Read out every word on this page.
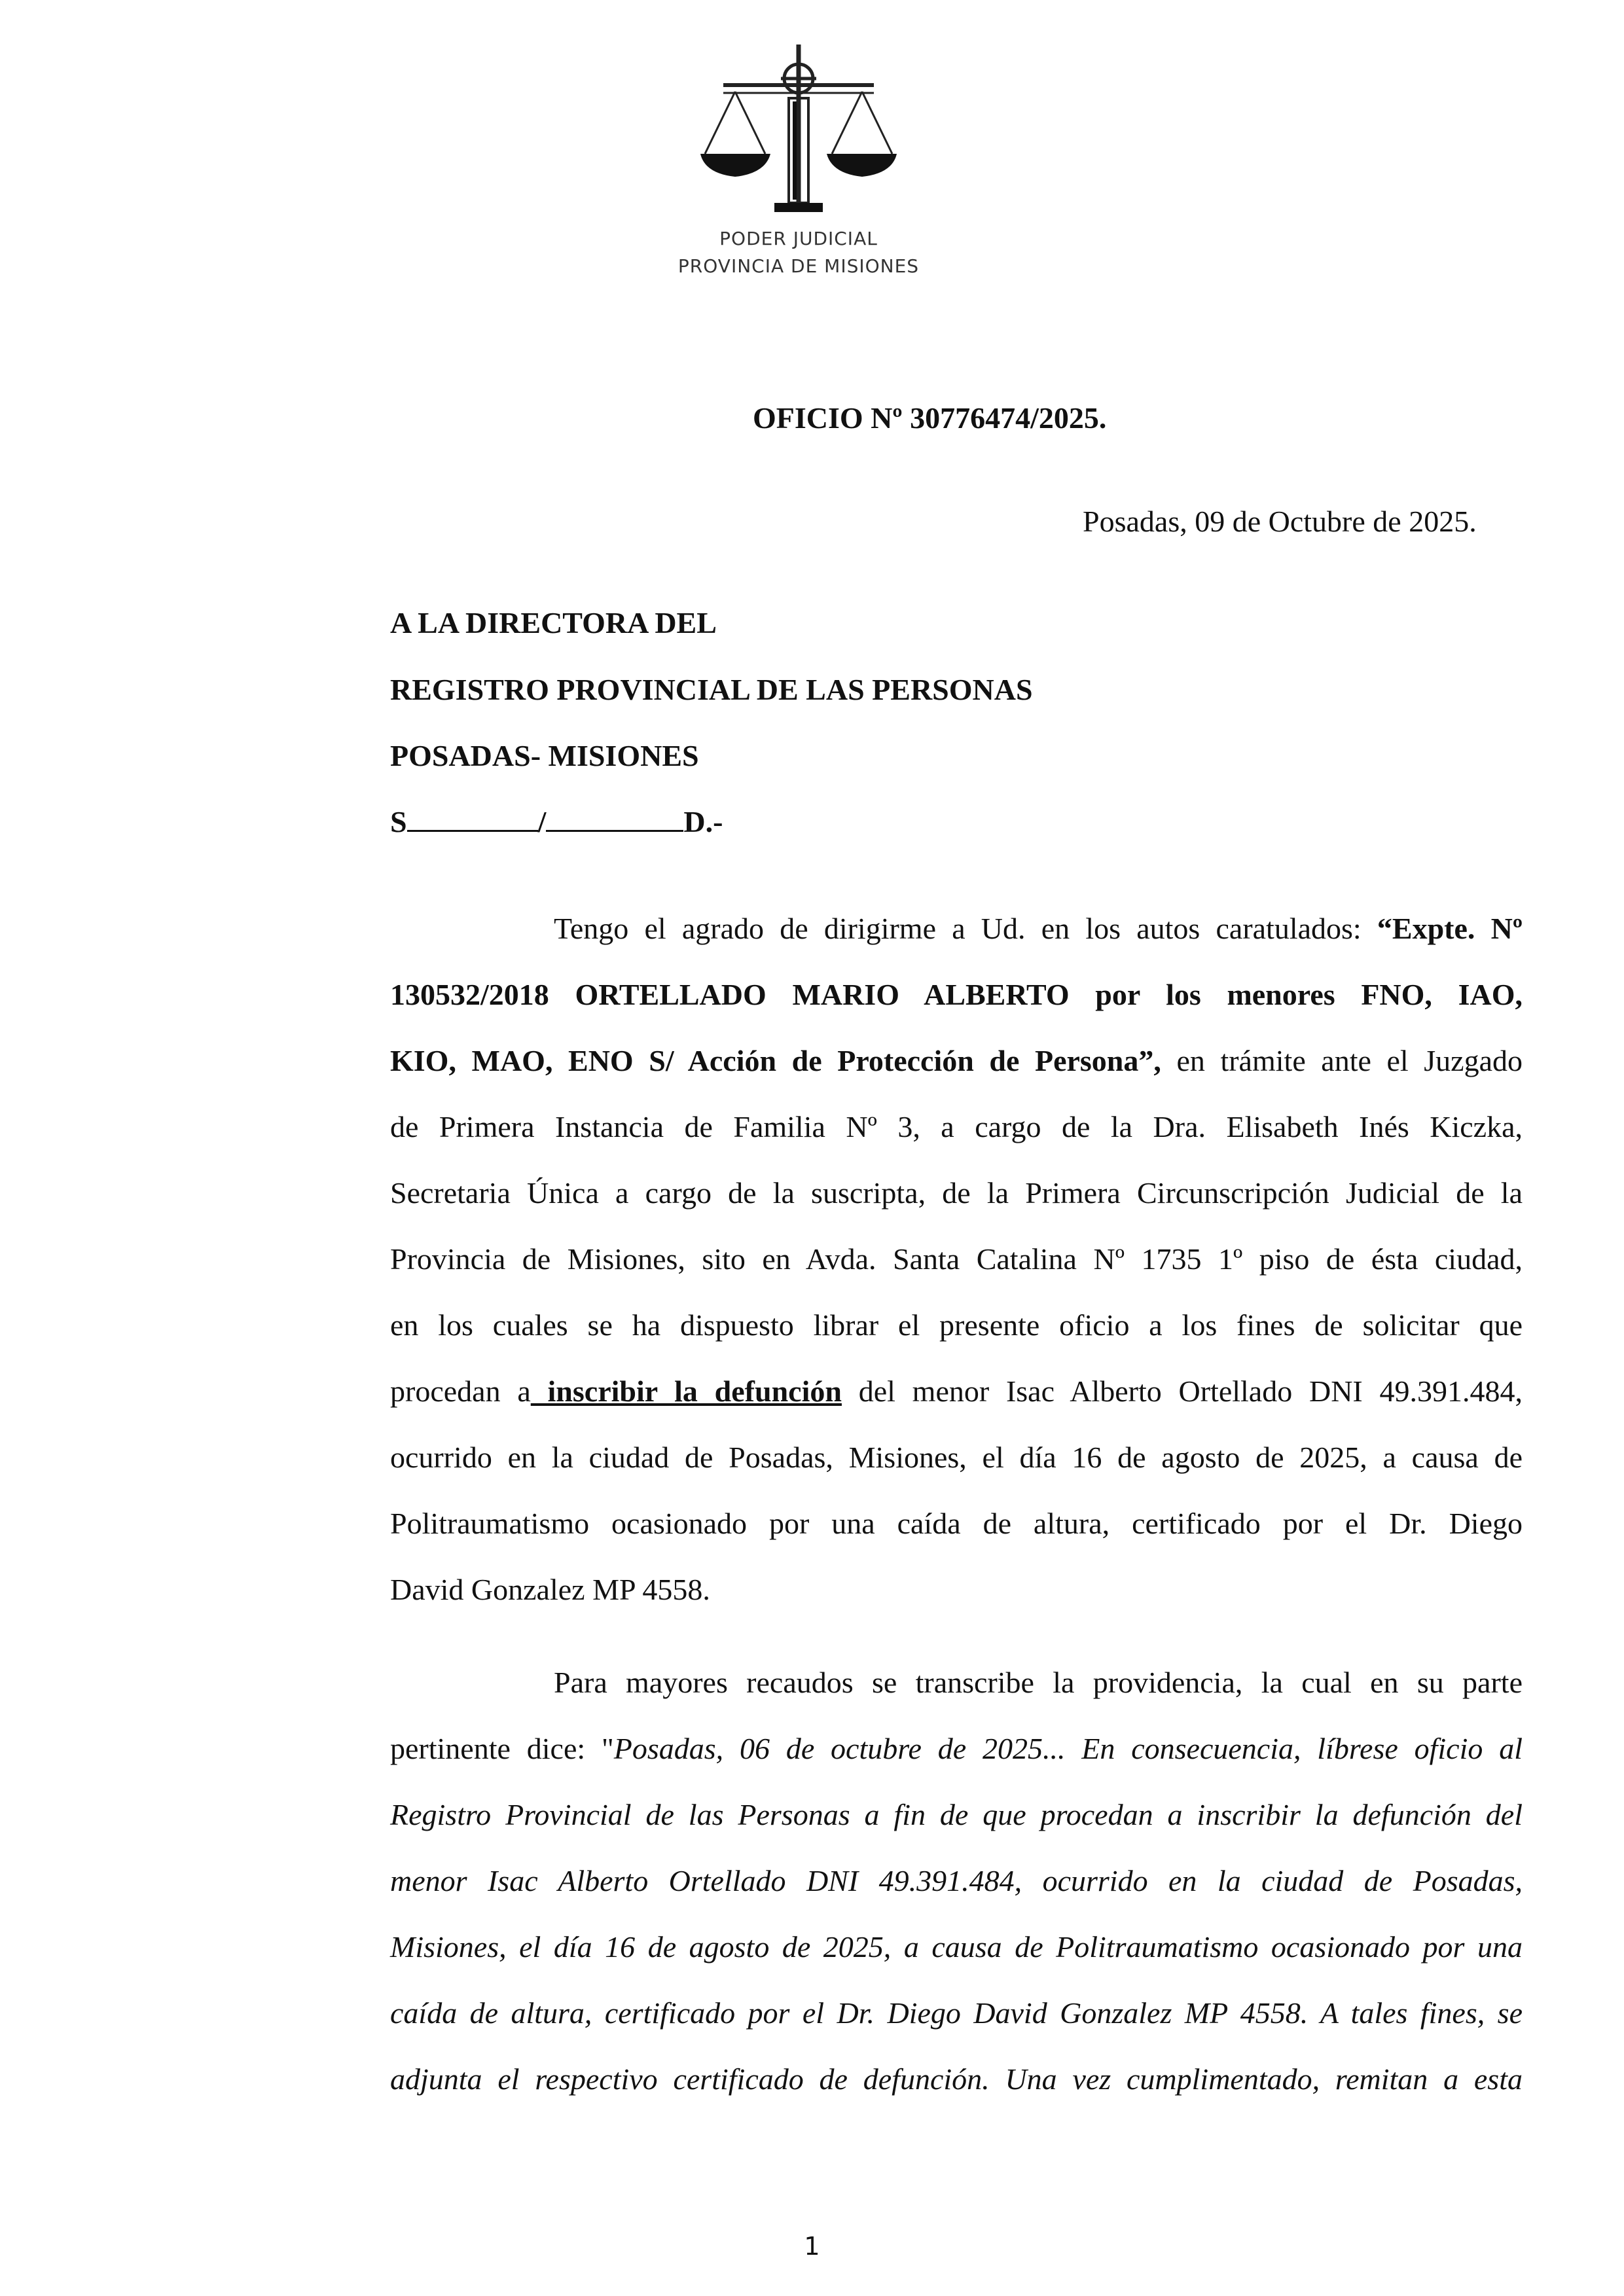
PODER JUDICIAL
PROVINCIA DE MISIONES
OFICIO Nº 30776474/2025.
Posadas, 09 de Octubre de 2025.
A LA DIRECTORA DEL
REGISTRO PROVINCIAL DE LAS PERSONAS
POSADAS- MISIONES
S	/	D.-
Tengo el agrado de dirigirme a Ud. en los autos caratulados: “Expte. Nº
130532/2018 ORTELLADO MARIO ALBERTO por los menores FNO, IAO,
KIO, MAO, ENO S/ Acción de Protección de Persona”, en trámite ante el Juzgado
de Primera Instancia de Familia Nº 3, a cargo de la Dra. Elisabeth Inés Kiczka,
Secretaria Única a cargo de la suscripta, de la Primera Circunscripción Judicial de la
Provincia de Misiones, sito en Avda. Santa Catalina Nº 1735 1º piso de ésta ciudad,
en los cuales se ha dispuesto librar el presente oficio a los fines de solicitar que
procedan a inscribir la defunción del menor Isac Alberto Ortellado DNI 49.391.484,
ocurrido en la ciudad de Posadas, Misiones, el día 16 de agosto de 2025, a causa de
Politraumatismo ocasionado por una caída de altura, certificado por el Dr. Diego
David Gonzalez MP 4558.
Para mayores recaudos se transcribe la providencia, la cual en su parte
pertinente dice: "Posadas, 06 de octubre de 2025... En consecuencia, líbrese oficio al
Registro Provincial de las Personas a fin de que procedan a inscribir la defunción del
menor Isac Alberto Ortellado DNI 49.391.484, ocurrido en la ciudad de Posadas,
Misiones, el día 16 de agosto de 2025, a causa de Politraumatismo ocasionado por una
caída de altura, certificado por el Dr. Diego David Gonzalez MP 4558. A tales fines, se
adjunta el respectivo certificado de defunción. Una vez cumplimentado, remitan a esta
1
